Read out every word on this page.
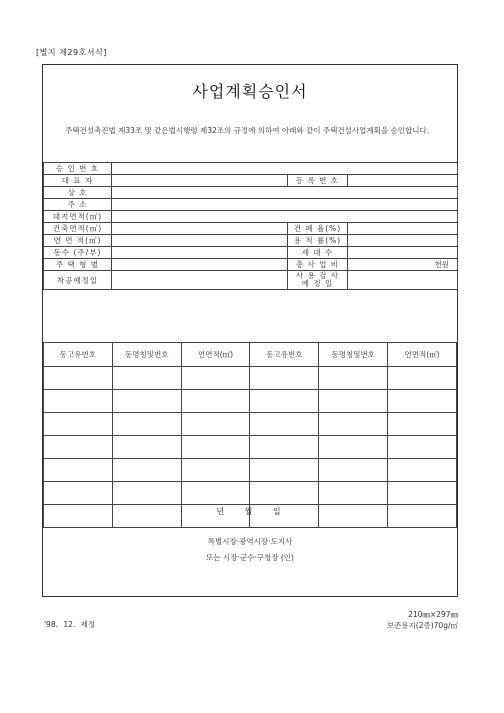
[별지 제29호서식]
사업계획승인서
주택건설촉진법 제33조 및 같은법시행령 제32조의 규정에 의하여 아래와 같이 주택건설사업계획을 승인합니다.
승 인 번 호			
대 표 자		등 록 번 호	
상 호			
주 소			
대지면적(㎡)			
건축면적(㎡)		건 폐 율(%)	
연 면 적(㎡)		용 적 률(%)	
동수 (주/부)		세 대 수	
주 택 형 별		총 사 업 비	천원
착공예정일		사 용 검 사
예 정 일	
동고유번호	동명칭및번호	연면적(㎡)	동고유번호	동명칭및번호	연면적(㎡)

년 월 일
특별시장·광역시장·도지사
또는 시장·군수·구청장 (인)
'98. 12. 제정
210㎜×297㎜
보존용지(2종)70g/㎡
